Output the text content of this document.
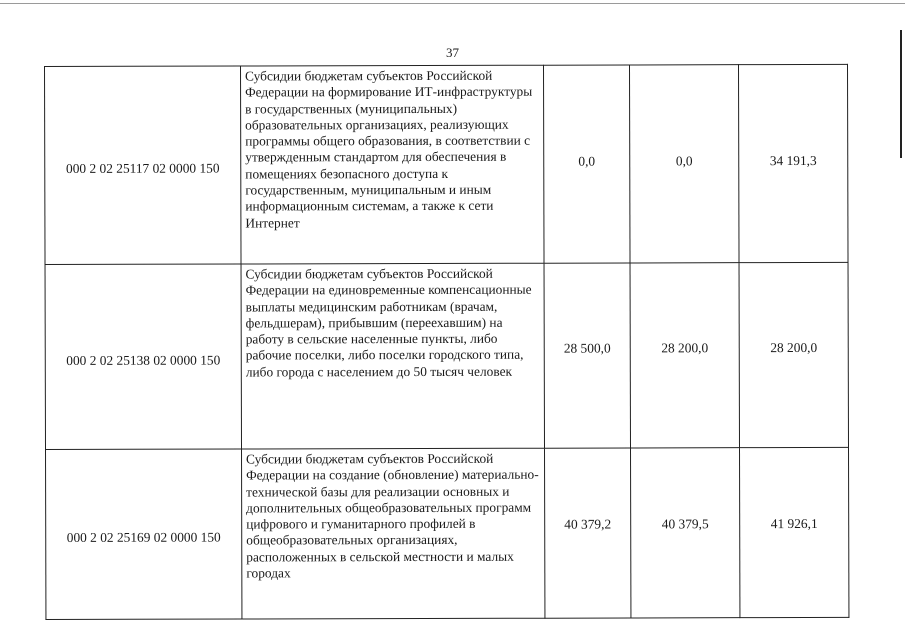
37
000 2 02 25117 02 0000 150	Субсидии бюджетам субъектов Российской Федерации на формирование ИТ-инфраструктуры в государственных (муниципальных) образовательных организациях, реализующих программы общего образования, в соответствии с утвержденным стандартом для обеспечения в помещениях безопасного доступа к государственным, муниципальным и иным информационным системам, а также к сети Интернет	0,0	0,0	34 191,3
000 2 02 25138 02 0000 150	Субсидии бюджетам субъектов Российской Федерации на единовременные компенсационные выплаты медицинским работникам (врачам, фельдшерам), прибывшим (переехавшим) на работу в сельские населенные пункты, либо рабочие поселки, либо поселки городского типа, либо города с населением до 50 тысяч человек	28 500,0	28 200,0	28 200,0
000 2 02 25169 02 0000 150	Субсидии бюджетам субъектов Российской Федерации на создание (обновление) материально-технической базы для реализации основных и дополнительных общеобразовательных программ цифрового и гуманитарного профилей в общеобразовательных организациях, расположенных в сельской местности и малых городах	40 379,2	40 379,5	41 926,1
